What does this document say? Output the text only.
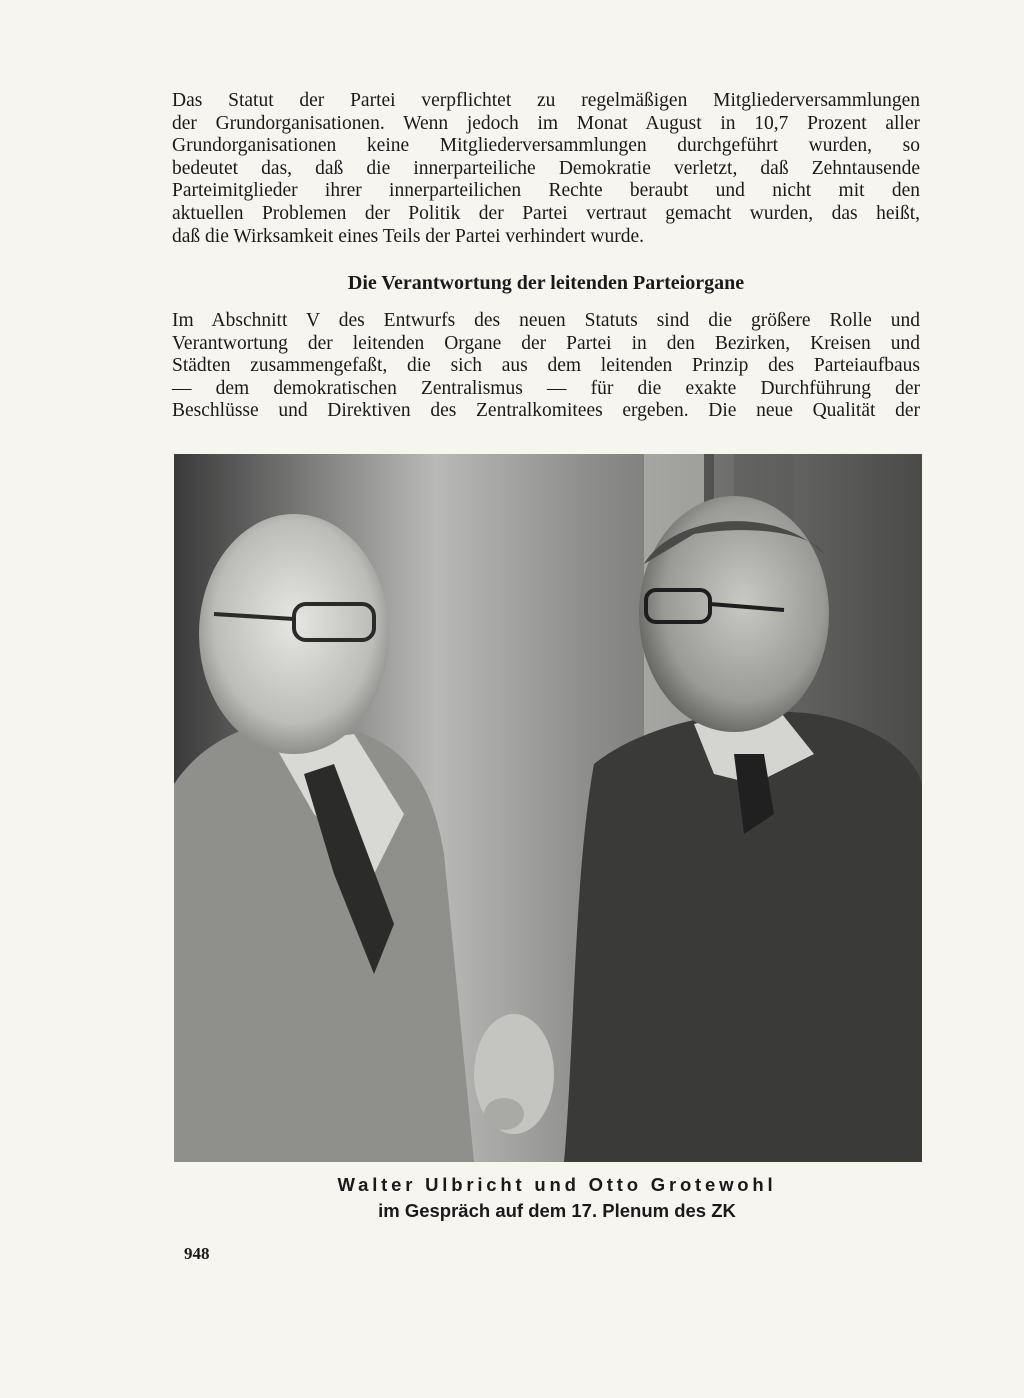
Das Statut der Partei verpflichtet zu regelmäßigen Mitgliederversammlungen
der Grundorganisationen. Wenn jedoch im Monat August in 10,7 Prozent aller
Grundorganisationen keine Mitgliederversammlungen durchgeführt wurden, so
bedeutet das, daß die innerparteiliche Demokratie verletzt, daß Zehntausende
Parteimitglieder ihrer innerparteilichen Rechte beraubt und nicht mit den
aktuellen Problemen der Politik der Partei vertraut gemacht wurden, das heißt,
daß die Wirksamkeit eines Teils der Partei verhindert wurde.

Die Verantwortung der leitenden Parteiorgane

Im Abschnitt V des Entwurfs des neuen Statuts sind die größere Rolle und
Verantwortung der leitenden Organe der Partei in den Bezirken, Kreisen und
Städten zusammengefaßt, die sich aus dem leitenden Prinzip des Parteiaufbaus
— dem demokratischen Zentralismus — für die exakte Durchführung der
Beschlüsse und Direktiven des Zentralkomitees ergeben. Die neue Qualität der

Walter Ulbricht und Otto Grotewohl
im Gespräch auf dem 17. Plenum des ZK

948
